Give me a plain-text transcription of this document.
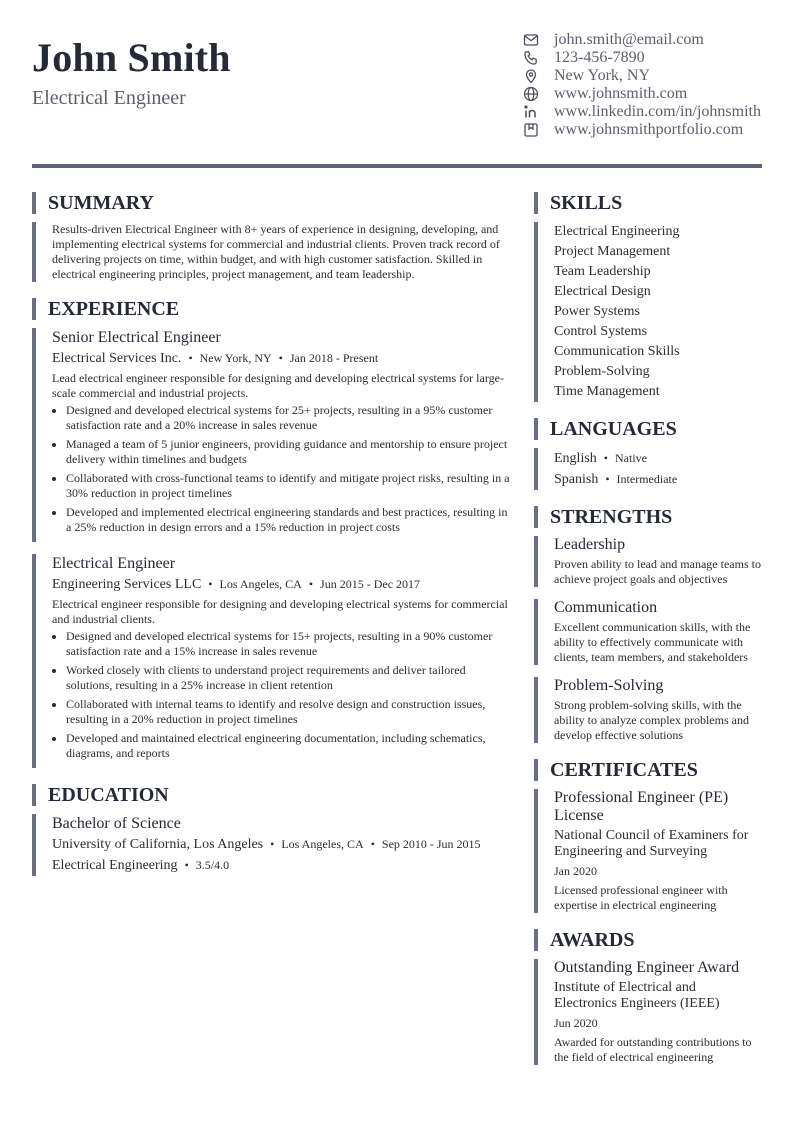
John Smith
Electrical Engineer
john.smith@email.com
123-456-7890
New York, NY
www.johnsmith.com
www.linkedin.com/in/johnsmith
www.johnsmithportfolio.com
SUMMARY
Results-driven Electrical Engineer with 8+ years of experience in designing, developing, and implementing electrical systems for commercial and industrial clients. Proven track record of delivering projects on time, within budget, and with high customer satisfaction. Skilled in electrical engineering principles, project management, and team leadership.
EXPERIENCE
Senior Electrical Engineer
Electrical Services Inc. • New York, NY • Jan 2018 - Present
Lead electrical engineer responsible for designing and developing electrical systems for large-scale commercial and industrial projects.
• Designed and developed electrical systems for 25+ projects, resulting in a 95% customer satisfaction rate and a 20% increase in sales revenue
• Managed a team of 5 junior engineers, providing guidance and mentorship to ensure project delivery within timelines and budgets
• Collaborated with cross-functional teams to identify and mitigate project risks, resulting in a 30% reduction in project timelines
• Developed and implemented electrical engineering standards and best practices, resulting in a 25% reduction in design errors and a 15% reduction in project costs
Electrical Engineer
Engineering Services LLC • Los Angeles, CA • Jun 2015 - Dec 2017
Electrical engineer responsible for designing and developing electrical systems for commercial and industrial clients.
• Designed and developed electrical systems for 15+ projects, resulting in a 90% customer satisfaction rate and a 15% increase in sales revenue
• Worked closely with clients to understand project requirements and deliver tailored solutions, resulting in a 25% increase in client retention
• Collaborated with internal teams to identify and resolve design and construction issues, resulting in a 20% reduction in project timelines
• Developed and maintained electrical engineering documentation, including schematics, diagrams, and reports
EDUCATION
Bachelor of Science
University of California, Los Angeles • Los Angeles, CA • Sep 2010 - Jun 2015
Electrical Engineering • 3.5/4.0
SKILLS
Electrical Engineering
Project Management
Team Leadership
Electrical Design
Power Systems
Control Systems
Communication Skills
Problem-Solving
Time Management
LANGUAGES
English • Native
Spanish • Intermediate
STRENGTHS
Leadership
Proven ability to lead and manage teams to achieve project goals and objectives
Communication
Excellent communication skills, with the ability to effectively communicate with clients, team members, and stakeholders
Problem-Solving
Strong problem-solving skills, with the ability to analyze complex problems and develop effective solutions
CERTIFICATES
Professional Engineer (PE) License
National Council of Examiners for Engineering and Surveying
Jan 2020
Licensed professional engineer with expertise in electrical engineering
AWARDS
Outstanding Engineer Award
Institute of Electrical and Electronics Engineers (IEEE)
Jun 2020
Awarded for outstanding contributions to the field of electrical engineering
